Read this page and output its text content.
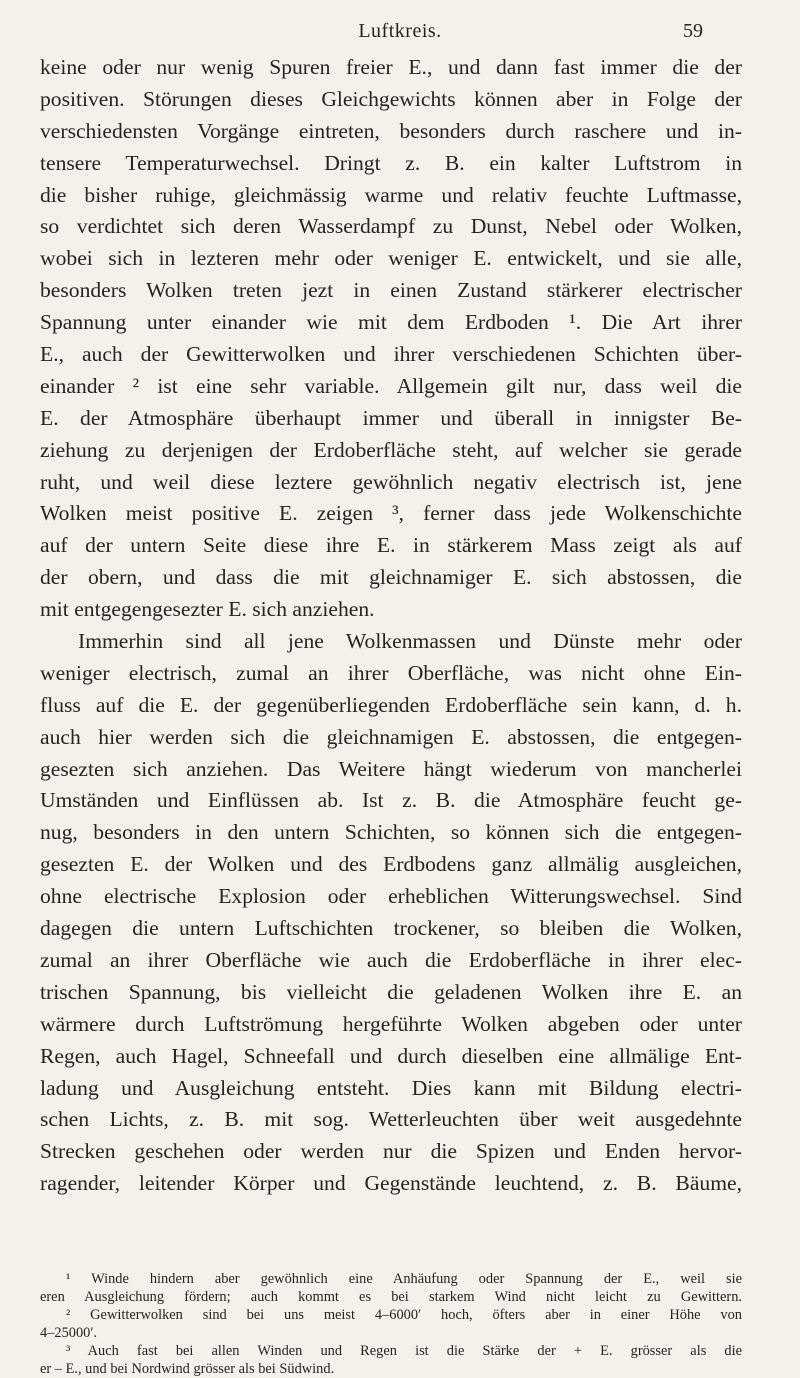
Luftkreis.	59
keine oder nur wenig Spuren freier E., und dann fast immer die der
positiven. Störungen dieses Gleichgewichts können aber in Folge der
verschiedensten Vorgänge eintreten, besonders durch raschere und in-
tensere Temperaturwechsel. Dringt z. B. ein kalter Luftstrom in
die bisher ruhige, gleichmässig warme und relativ feuchte Luftmasse,
so verdichtet sich deren Wasserdampf zu Dunst, Nebel oder Wolken,
wobei sich in lezteren mehr oder weniger E. entwickelt, und sie alle,
besonders Wolken treten jezt in einen Zustand stärkerer electrischer
Spannung unter einander wie mit dem Erdboden ¹. Die Art ihrer
E., auch der Gewitterwolken und ihrer verschiedenen Schichten über-
einander ² ist eine sehr variable. Allgemein gilt nur, dass weil die
E. der Atmosphäre überhaupt immer und überall in innigster Be-
ziehung zu derjenigen der Erdoberfläche steht, auf welcher sie gerade
ruht, und weil diese leztere gewöhnlich negativ electrisch ist, jene
Wolken meist positive E. zeigen ³, ferner dass jede Wolkenschichte
auf der untern Seite diese ihre E. in stärkerem Mass zeigt als auf
der obern, und dass die mit gleichnamiger E. sich abstossen, die
mit entgegengesezter E. sich anziehen.
Immerhin sind all jene Wolkenmassen und Dünste mehr oder
weniger electrisch, zumal an ihrer Oberfläche, was nicht ohne Ein-
fluss auf die E. der gegenüberliegenden Erdoberfläche sein kann, d. h.
auch hier werden sich die gleichnamigen E. abstossen, die entgegen-
gesezten sich anziehen. Das Weitere hängt wiederum von mancherlei
Umständen und Einflüssen ab. Ist z. B. die Atmosphäre feucht ge-
nug, besonders in den untern Schichten, so können sich die entgegen-
gesezten E. der Wolken und des Erdbodens ganz allmälig ausgleichen,
ohne electrische Explosion oder erheblichen Witterungswechsel. Sind
dagegen die untern Luftschichten trockener, so bleiben die Wolken,
zumal an ihrer Oberfläche wie auch die Erdoberfläche in ihrer elec-
trischen Spannung, bis vielleicht die geladenen Wolken ihre E. an
wärmere durch Luftströmung hergeführte Wolken abgeben oder unter
Regen, auch Hagel, Schneefall und durch dieselben eine allmälige Ent-
ladung und Ausgleichung entsteht. Dies kann mit Bildung electri-
schen Lichts, z. B. mit sog. Wetterleuchten über weit ausgedehnte
Strecken geschehen oder werden nur die Spizen und Enden hervor-
ragender, leitender Körper und Gegenstände leuchtend, z. B. Bäume,
¹ Winde hindern aber gewöhnlich eine Anhäufung oder Spannung der E., weil sie
eren Ausgleichung fördern; auch kommt es bei starkem Wind nicht leicht zu Gewittern.
² Gewitterwolken sind bei uns meist 4–6000′ hoch, öfters aber in einer Höhe von
4–25000′.
³ Auch fast bei allen Winden und Regen ist die Stärke der + E. grösser als die
er – E., und bei Nordwind grösser als bei Südwind.
